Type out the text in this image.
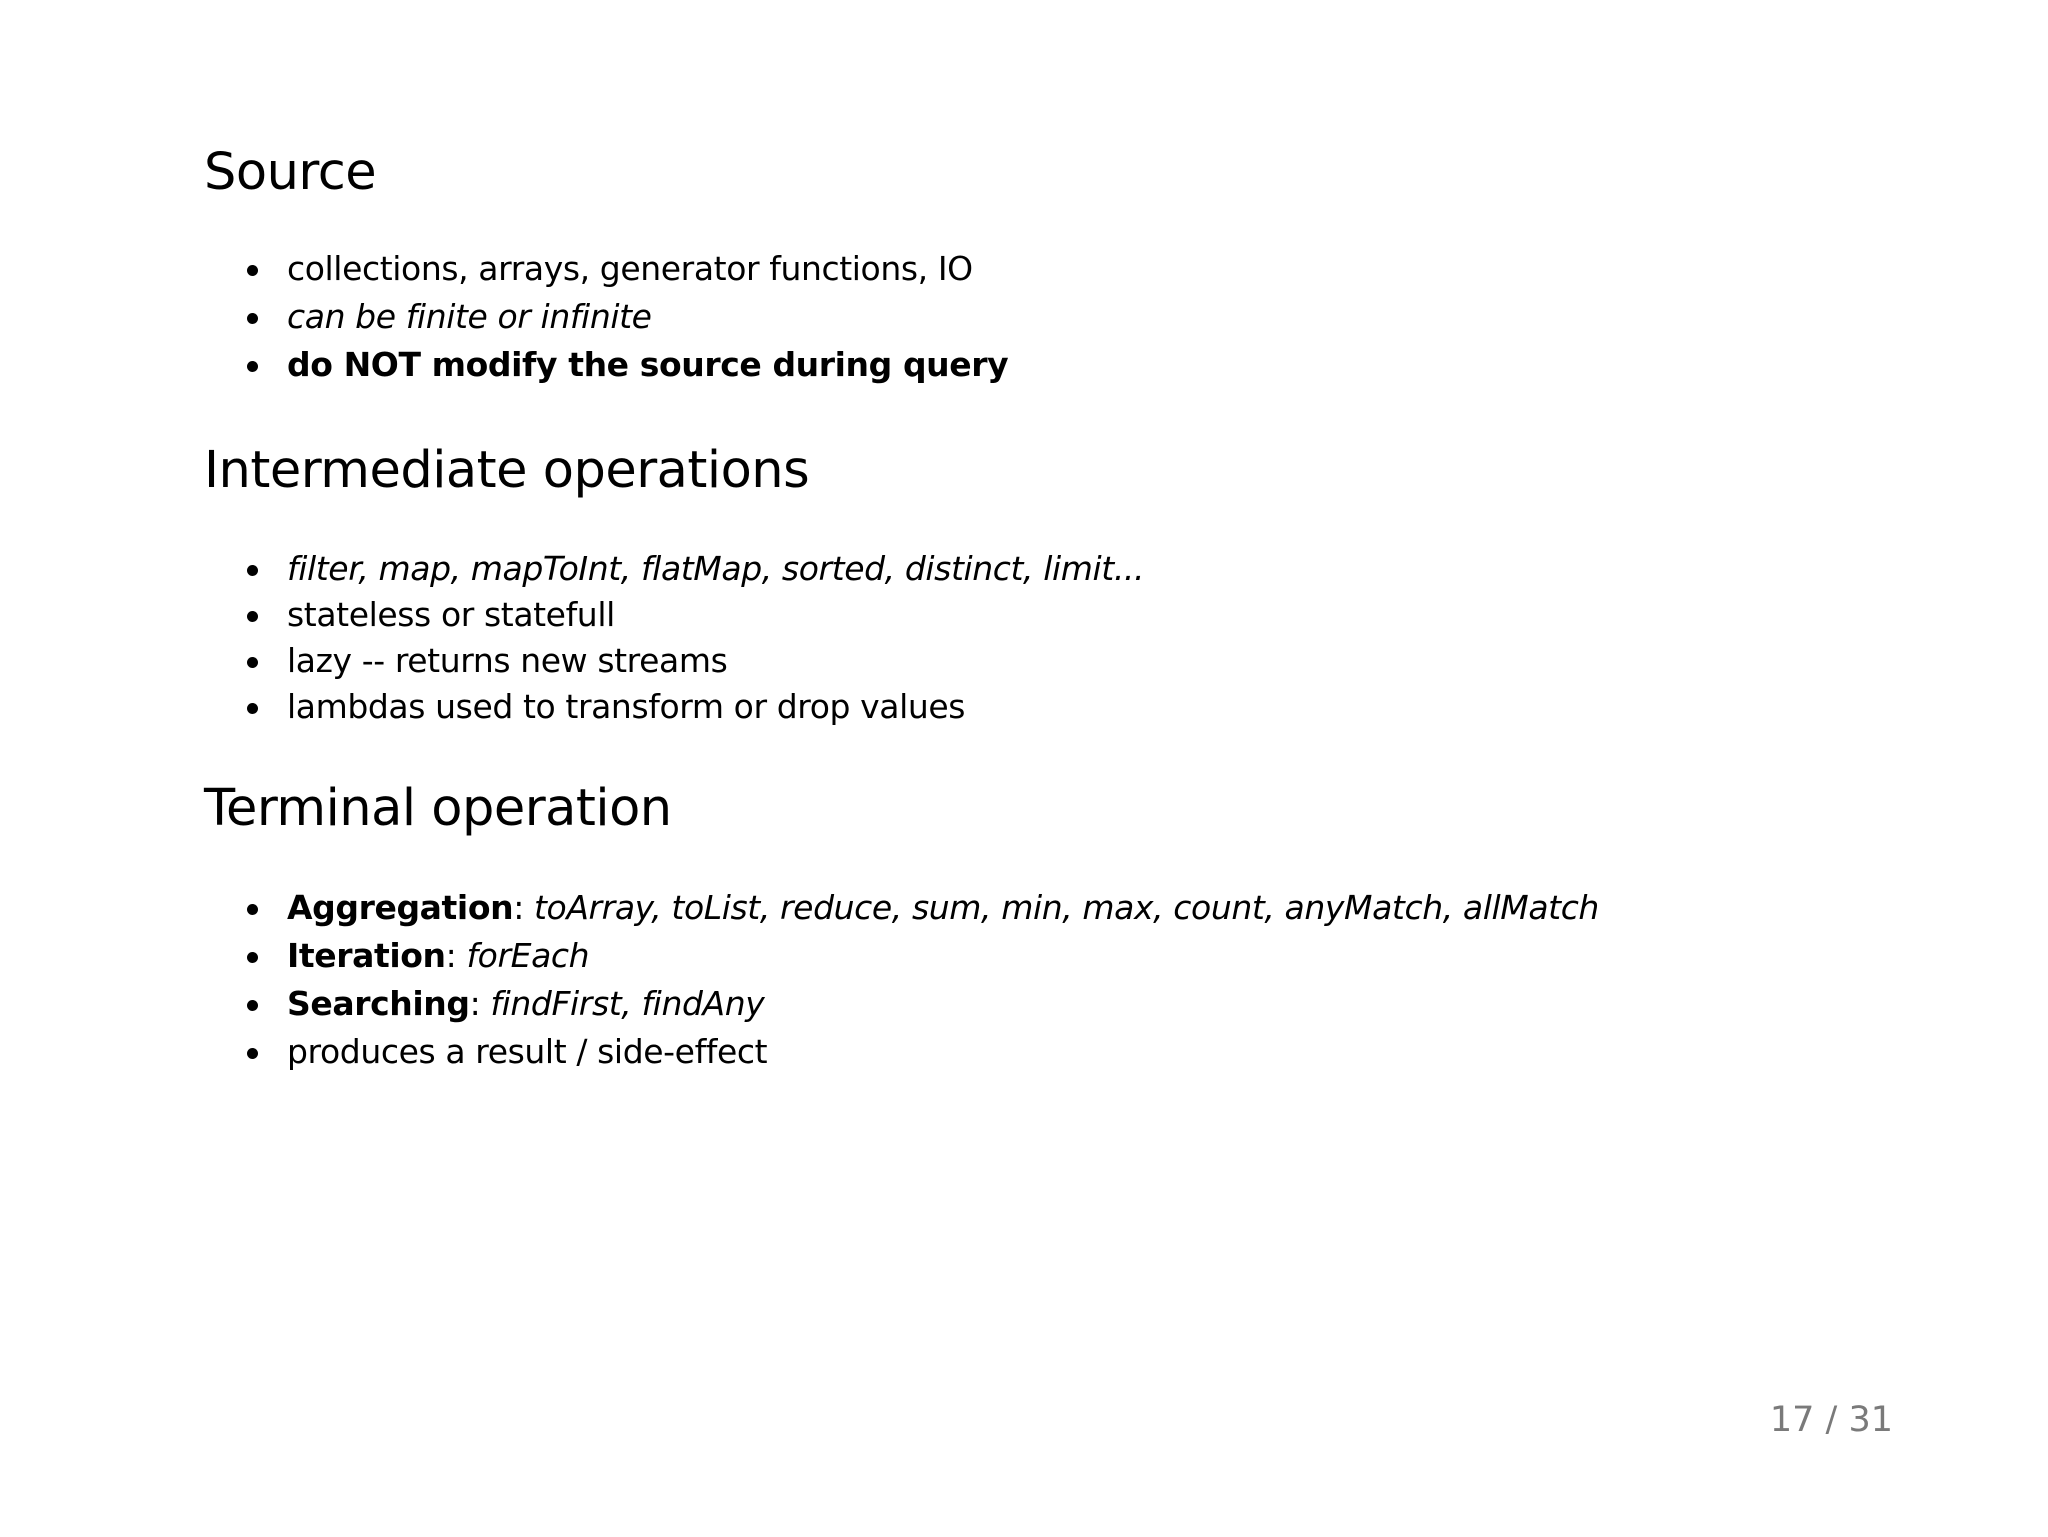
Source
collections, arrays, generator functions, IO
can be finite or infinite
do NOT modify the source during query
Intermediate operations
filter, map, mapToInt, flatMap, sorted, distinct, limit...
stateless or statefull
lazy -- returns new streams
lambdas used to transform or drop values
Terminal operation
Aggregation: toArray, toList, reduce, sum, min, max, count, anyMatch, allMatch
Iteration: forEach
Searching: findFirst, findAny
produces a result / side-effect
17 / 31
